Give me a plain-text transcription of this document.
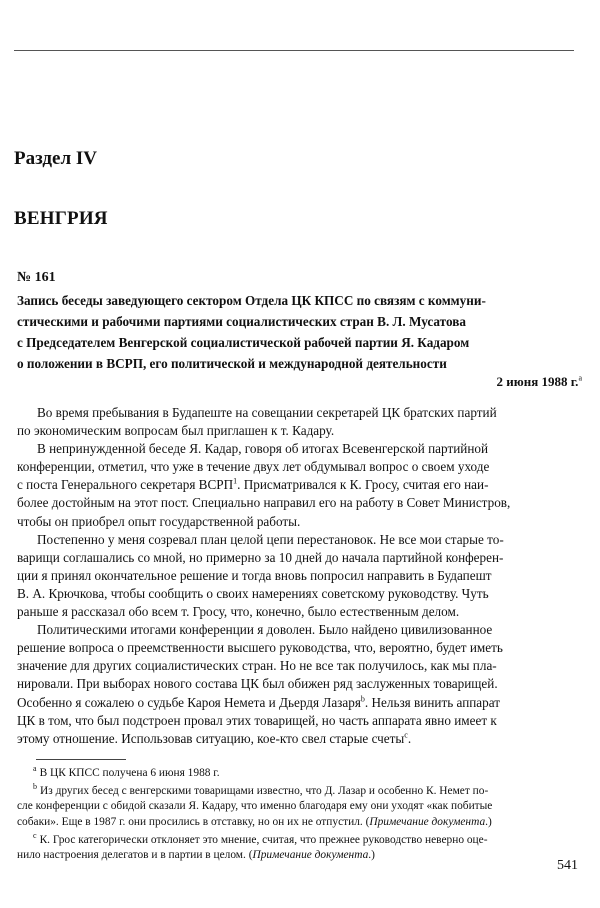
Раздел IV
ВЕНГРИЯ
№ 161
Запись беседы заведующего сектором Отдела ЦК КПСС по связям с коммуни-
стическими и рабочими партиями социалистических стран В. Л. Мусатова
с Председателем Венгерской социалистической рабочей партии Я. Кадаром
о положении в ВСРП, его политической и международной деятельности
2 июня 1988 г.$^а$
Во время пребывания в Будапеште на совещании секретарей ЦК братских партий
по экономическим вопросам был приглашен к т. Кадару.
В непринужденной беседе Я. Кадар, говоря об итогах Всевенгерской партийной
конференции, отметил, что уже в течение двух лет обдумывал вопрос о своем уходе
с поста Генерального секретаря ВСРП$^1$. Присматривался к К. Гросу, считая его наи-
более достойным на этот пост. Специально направил его на работу в Совет Министров,
чтобы он приобрел опыт государственной работы.
Постепенно у меня созревал план целой цепи перестановок. Не все мои старые то-
варищи соглашались со мной, но примерно за 10 дней до начала партийной конферен-
ции я принял окончательное решение и тогда вновь попросил направить в Будапешт
В. А. Крючкова, чтобы сообщить о своих намерениях советскому руководству. Чуть
раньше я рассказал обо всем т. Гросу, что, конечно, было естественным делом.
Политическими итогами конференции я доволен. Было найдено цивилизованное
решение вопроса о преемственности высшего руководства, что, вероятно, будет иметь
значение для других социалистических стран. Но не все так получилось, как мы пла-
нировали. При выборах нового состава ЦК был обижен ряд заслуженных товарищей.
Особенно я сожалею о судьбе Кароя Немета и Дьердя Лазаря$^b$. Нельзя винить аппарат
ЦК в том, что был подстроен провал этих товарищей, но часть аппарата явно имеет к
этому отношение. Использовав ситуацию, кое-кто свел старые счеты$^c$.
$^а$ В ЦК КПСС получена 6 июня 1988 г.
$^b$ Из других бесед с венгерскими товарищами известно, что Д. Лазар и особенно К. Немет по-
сле конференции с обидой сказали Я. Кадару, что именно благодаря ему они уходят «как побитые
собаки». Еще в 1987 г. они просились в отставку, но он их не отпустил. (Примечание документа.)
$^с$ К. Грос категорически отклоняет это мнение, считая, что прежнее руководство неверно оце-
нило настроения делегатов и в партии в целом. (Примечание документа.)
541
